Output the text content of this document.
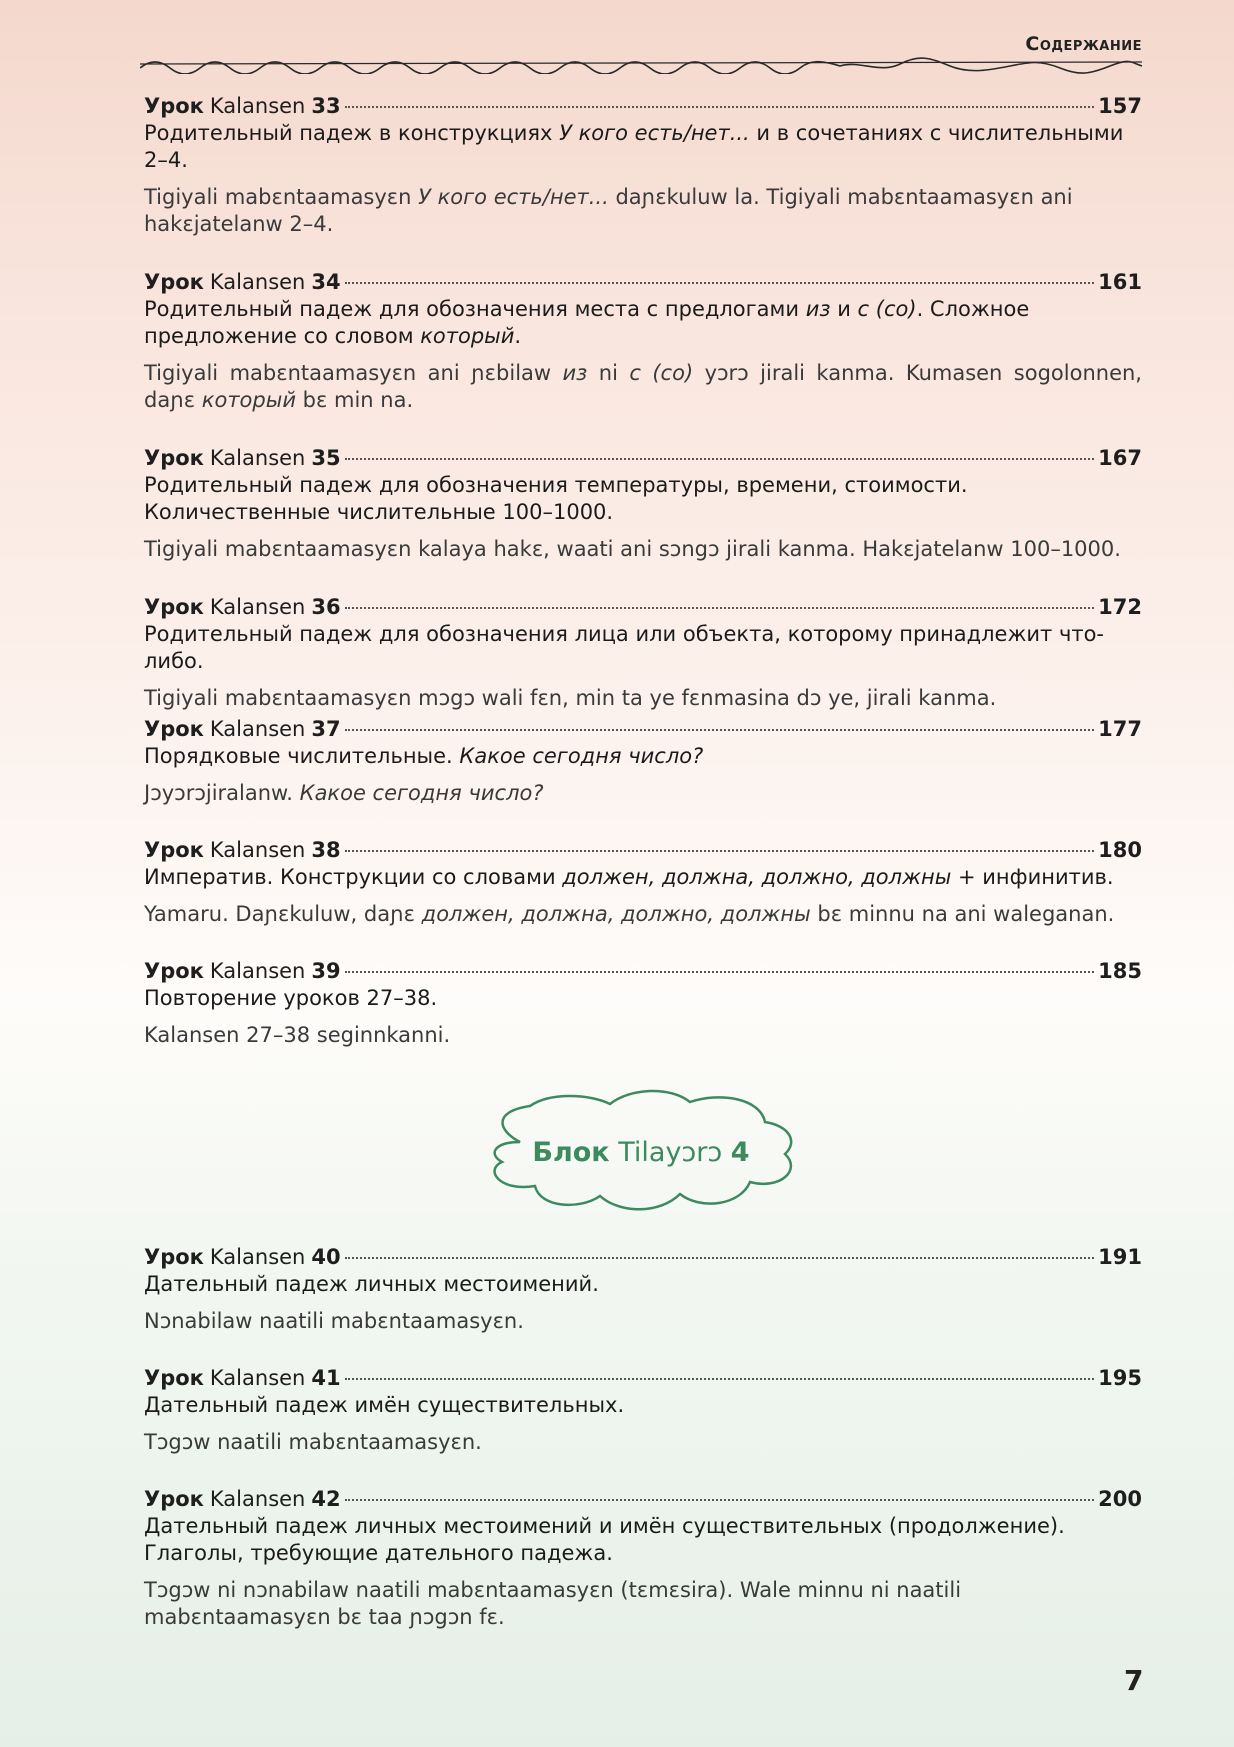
Содержание
Урок Kalansen 33	157

Родительный падеж в конструкциях У кого есть/нет... и в сочетаниях с числительными 2–4.

Tigiyali mabɛntaamasyɛn У кого есть/нет... daɲɛkuluw la. Tigiyali mabɛntaamasyɛn ani hakɛjatelanw 2–4.

Урок Kalansen 34	161

Родительный падеж для обозначения места с предлогами из и с (со). Сложное предложение со словом который.

Tigiyali mabɛntaamasyɛn ani ɲɛbilaw из ni с (со) yɔrɔ jirali kanma. Kumasen sogolonnen, daɲɛ который bɛ min na.

Урок Kalansen 35	167

Родительный падеж для обозначения температуры, времени, стоимости. Количественные числительные 100–1000.

Tigiyali mabɛntaamasyɛn kalaya hakɛ, waati ani sɔngɔ jirali kanma. Hakɛjatelanw 100–1000.

Урок Kalansen 36	172

Родительный падеж для обозначения лица или объекта, которому принадлежит что-либо.

Tigiyali mabɛntaamasyɛn mɔgɔ wali fɛn, min ta ye fɛnmasina dɔ ye, jirali kanma.

Урок Kalansen 37	177

Порядковые числительные. Какое сегодня число?

Jɔyɔrɔjiralanw. Какое сегодня число?

Урок Kalansen 38	180

Императив. Конструкции со словами должен, должна, должно, должны + инфинитив.

Yamaru. Daɲɛkuluw, daɲɛ должен, должна, должно, должны bɛ minnu na ani waleganan.

Урок Kalansen 39	185

Повторение уроков 27–38.

Kalansen 27–38 seginnkanni.

Блок Tilayɔrɔ 4
Урок Kalansen 40	191

Дательный падеж личных местоимений.

Nɔnabilaw naatili mabɛntaamasyɛn.

Урок Kalansen 41	195

Дательный падеж имён существительных.

Tɔgɔw naatili mabɛntaamasyɛn.

Урок Kalansen 42	200

Дательный падеж личных местоимений и имён существительных (продолжение). Глаголы, требующие дательного падежа.

Tɔgɔw ni nɔnabilaw naatili mabɛntaamasyɛn (tɛmɛsira). Wale minnu ni naatili mabɛntaamasyɛn bɛ taa ɲɔgɔn fɛ.

7
